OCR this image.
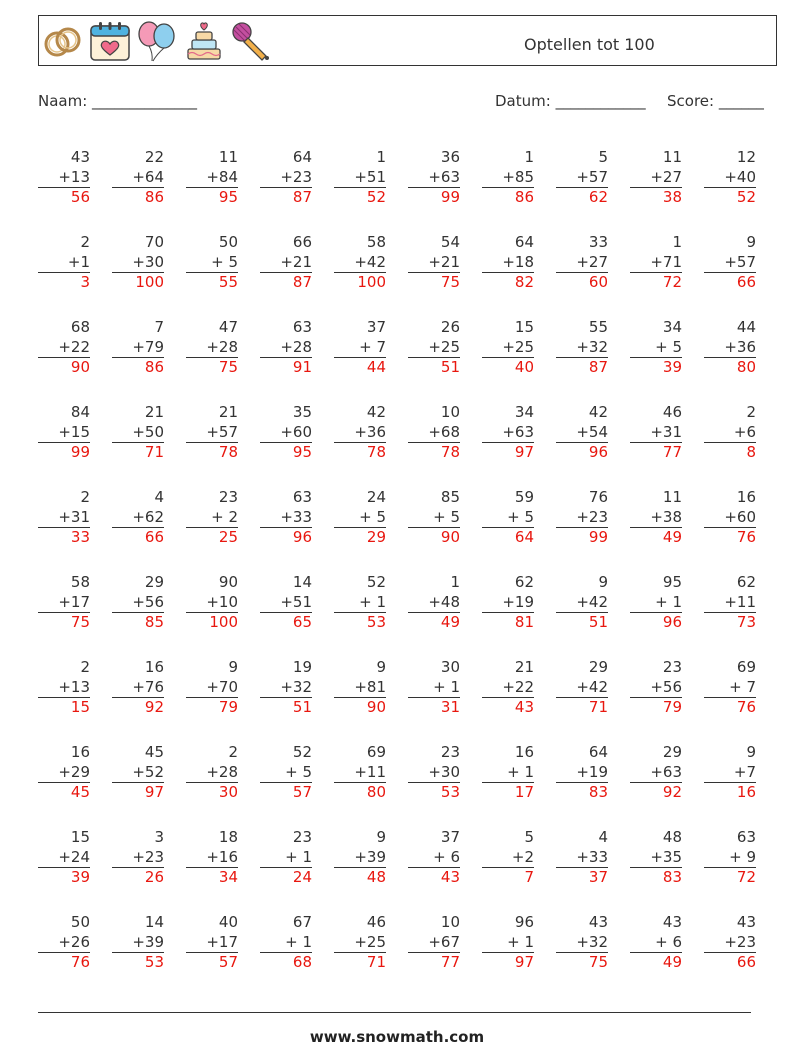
Optellen tot 100
Naam: ______________	Datum: ____________ Score: ______
43
+13
56
22
+64
86
11
+84
95
64
+23
87
1
+51
52
36
+63
99
1
+85
86
5
+57
62
11
+27
38
12
+40
52
2
+1
3
70
+30
100
50
+ 5
55
66
+21
87
58
+42
100
54
+21
75
64
+18
82
33
+27
60
1
+71
72
9
+57
66
68
+22
90
7
+79
86
47
+28
75
63
+28
91
37
+ 7
44
26
+25
51
15
+25
40
55
+32
87
34
+ 5
39
44
+36
80
84
+15
99
21
+50
71
21
+57
78
35
+60
95
42
+36
78
10
+68
78
34
+63
97
42
+54
96
46
+31
77
2
+6
8
2
+31
33
4
+62
66
23
+ 2
25
63
+33
96
24
+ 5
29
85
+ 5
90
59
+ 5
64
76
+23
99
11
+38
49
16
+60
76
58
+17
75
29
+56
85
90
+10
100
14
+51
65
52
+ 1
53
1
+48
49
62
+19
81
9
+42
51
95
+ 1
96
62
+11
73
2
+13
15
16
+76
92
9
+70
79
19
+32
51
9
+81
90
30
+ 1
31
21
+22
43
29
+42
71
23
+56
79
69
+ 7
76
16
+29
45
45
+52
97
2
+28
30
52
+ 5
57
69
+11
80
23
+30
53
16
+ 1
17
64
+19
83
29
+63
92
9
+7
16
15
+24
39
3
+23
26
18
+16
34
23
+ 1
24
9
+39
48
37
+ 6
43
5
+2
7
4
+33
37
48
+35
83
63
+ 9
72
50
+26
76
14
+39
53
40
+17
57
67
+ 1
68
46
+25
71
10
+67
77
96
+ 1
97
43
+32
75
43
+ 6
49
43
+23
66
www.snowmath.com
